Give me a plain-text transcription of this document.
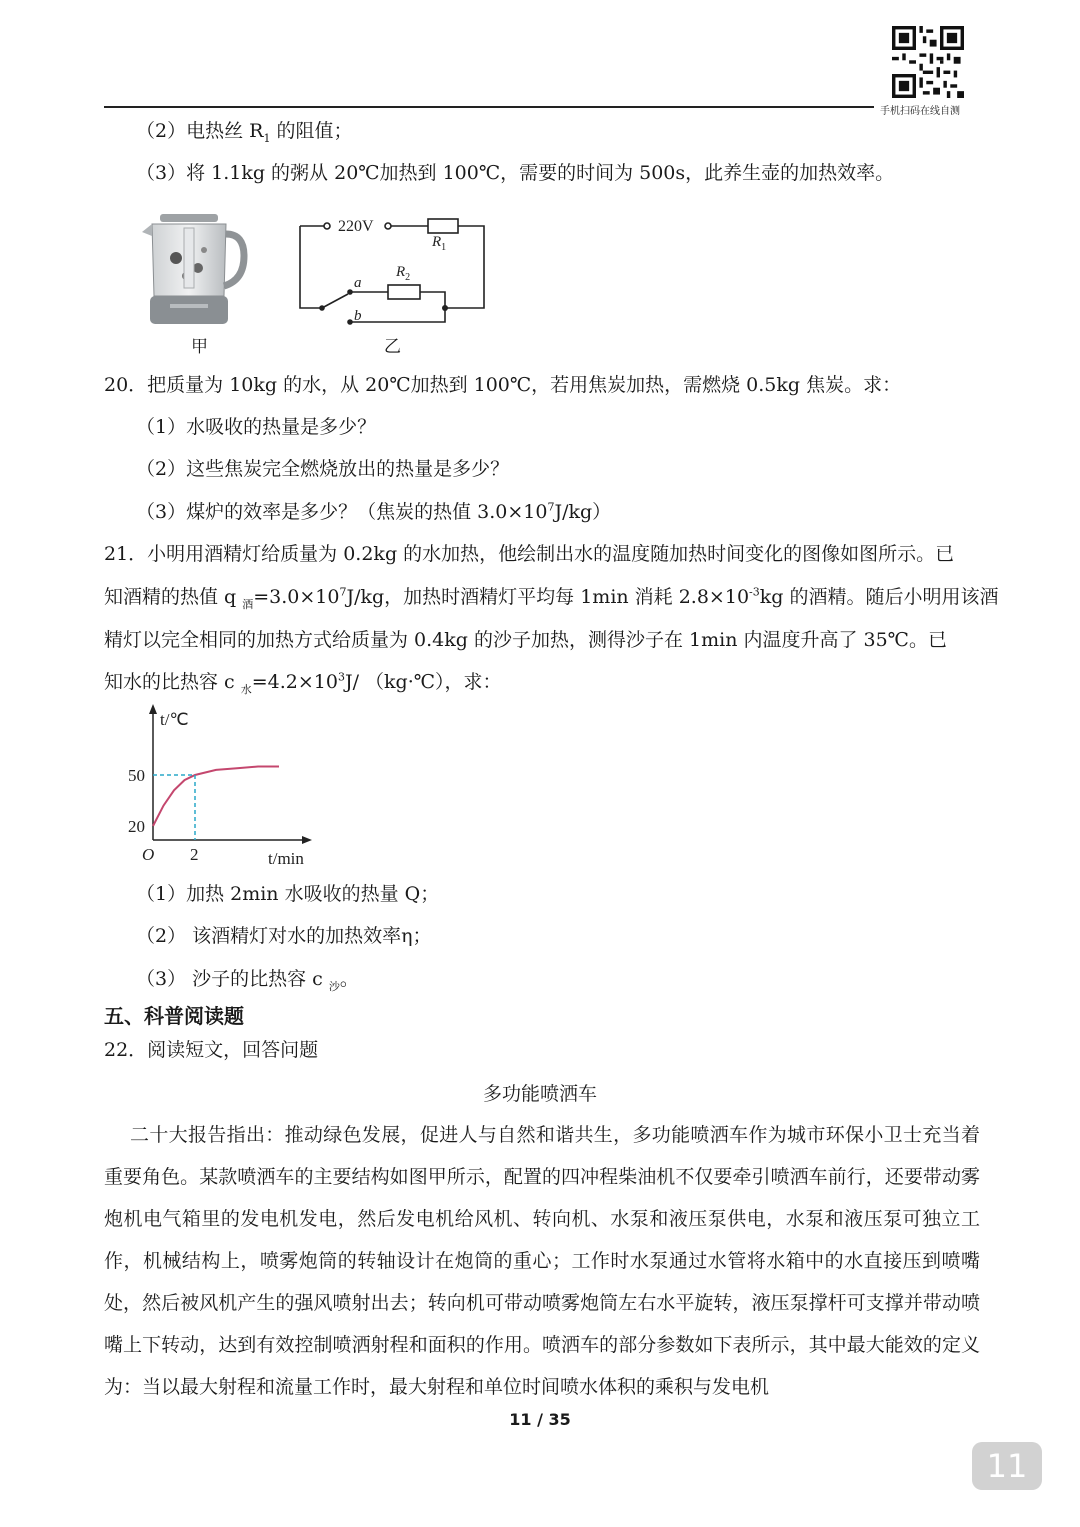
手机扫码在线自测
（2）电热丝 $R_1$ 的阻值；
（3）将 1.1kg 的粥从 20℃加热到 100℃，需要的时间为 500s，此养生壶的加热效率。
甲
220V
$R_1$
$R_2$
a
b
乙
20．把质量为 10kg 的水，从 20℃加热到 100℃，若用焦炭加热，需燃烧 0.5kg 焦炭。求：
（1）水吸收的热量是多少？
（2）这些焦炭完全燃烧放出的热量是多少？
（3）煤炉的效率是多少？（焦炭的热值 $3.0\times 10^7J/kg$）
21．小明用酒精灯给质量为 0.2kg 的水加热，他绘制出水的温度随加热时间变化的图像如图所示。已
知酒精的热值 q $_酒=3.0\times 10^7J/kg$，加热时酒精灯平均每 1min 消耗 $2.8\times 10^{-3}kg$ 的酒精。随后小明用该酒
精灯以完全相同的加热方式给质量为 0.4kg 的沙子加热，测得沙子在 1min 内温度升高了 35℃。已
知水的比热容 c $_水=4.2\times 10^3J/$ （kg·℃），求：
t/℃
t/min
O
20
50
2
（1）加热 2min 水吸收的热量 Q；
（2） 该酒精灯对水的加热效率η；
（3） 沙子的比热容 c $_沙$。
五、科普阅读题
22．阅读短文，回答问题
多功能喷洒车
二十大报告指出：推动绿色发展，促进人与自然和谐共生，多功能喷洒车作为城市环保小卫士充当着重要角色。某款喷洒车的主要结构如图甲所示，配置的四冲程柴油机不仅要牵引喷洒车前行，还要带动雾炮机电气箱里的发电机发电，然后发电机给风机、转向机、水泵和液压泵供电，水泵和液压泵可独立工作，机械结构上，喷雾炮筒的转轴设计在炮筒的重心；工作时水泵通过水管将水箱中的水直接压到喷嘴处，然后被风机产生的强风喷射出去；转向机可带动喷雾炮筒左右水平旋转，液压泵撑杆可支撑并带动喷嘴上下转动，达到有效控制喷洒射程和面积的作用。喷洒车的部分参数如下表所示，其中最大能效的定义为：当以最大射程和流量工作时，最大射程和单位时间喷水体积的乘积与发电机
11 / 35
11
